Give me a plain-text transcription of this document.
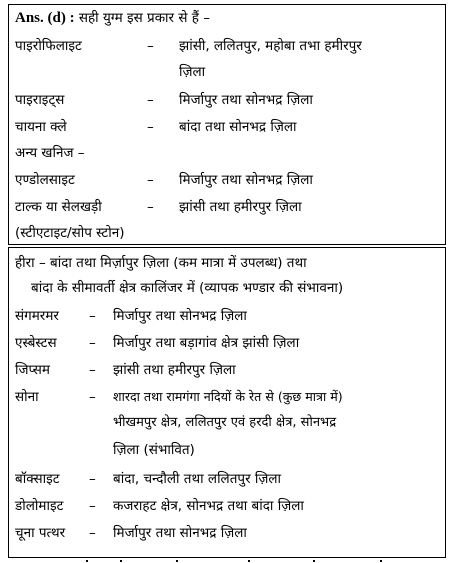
Ans. (d) : सही युग्म इस प्रकार से हैं –
पाइरोफिलाइट	– झांसी, ललितपुर, महोबा तभा हमीरपुर
ज़िला
पाइराइट्स	– मिर्जापुर तथा सोनभद्र ज़िला
चायना क्ले	– बांदा तथा सोनभद्र ज़िला
अन्य खनिज –
एण्डोलसाइट	– मिर्जापुर तथा सोनभद्र ज़िला
टाल्क या सेलखड़ी	– झांसी तथा हमीरपुर ज़िला
(स्टीएटाइट/सोप स्टोन)
हीरा – बांदा तथा मिर्ज़ापुर ज़िला (कम मात्रा में उपलब्ध) तथा
बांदा के सीमावर्ती क्षेत्र कालिंजर में (व्यापक भण्डार की संभावना)
संगमरमर – मिर्जापुर तथा सोनभद्र ज़िला
एस्बेस्टस – मिर्जापुर तथा बड़ागांव क्षेत्र झांसी ज़िला
जिप्सम	– झांसी तथा हमीरपुर ज़िला
सोना	– शारदा तथा रामगंगा नदियों के रेत से (कुछ मात्रा में)
भीखमपुर क्षेत्र, ललितपुर एवं हरदी क्षेत्र, सोनभद्र
ज़िला (संभावित)
बॉक्साइट – बांदा, चन्दौली तथा ललितपुर ज़िला
डोलोमाइट – कजराहट क्षेत्र, सोनभद्र तथा बांदा ज़िला
चूना पत्थर – मिर्जापुर तथा सोनभद्र ज़िला
